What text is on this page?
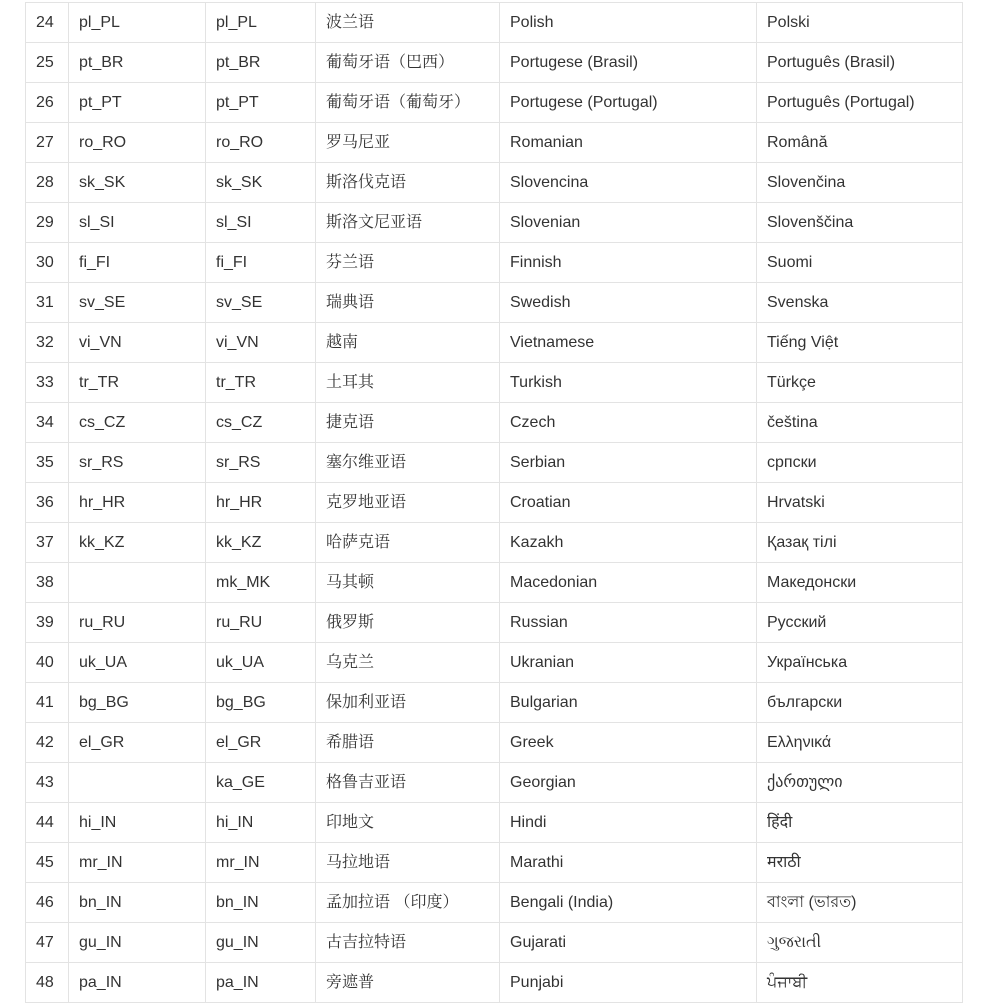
24	pl_PL	pl_PL	波兰语	Polish	Polski
25	pt_BR	pt_BR	葡萄牙语（巴西）	Portugese (Brasil)	Português (Brasil)
26	pt_PT	pt_PT	葡萄牙语（葡萄牙）	Portugese (Portugal)	Português (Portugal)
27	ro_RO	ro_RO	罗马尼亚	Romanian	Română
28	sk_SK	sk_SK	斯洛伐克语	Slovencina	Slovenčina
29	sl_SI	sl_SI	斯洛文尼亚语	Slovenian	Slovenščina
30	fi_FI	fi_FI	芬兰语	Finnish	Suomi
31	sv_SE	sv_SE	瑞典语	Swedish	Svenska
32	vi_VN	vi_VN	越南	Vietnamese	Tiếng Việt
33	tr_TR	tr_TR	土耳其	Turkish	Türkçe
34	cs_CZ	cs_CZ	捷克语	Czech	čeština
35	sr_RS	sr_RS	塞尔维亚语	Serbian	српски
36	hr_HR	hr_HR	克罗地亚语	Croatian	Hrvatski
37	kk_KZ	kk_KZ	哈萨克语	Kazakh	Қазақ тілі
38		mk_MK	马其顿	Macedonian	Македонски
39	ru_RU	ru_RU	俄罗斯	Russian	Русский
40	uk_UA	uk_UA	乌克兰	Ukranian	Українська
41	bg_BG	bg_BG	保加利亚语	Bulgarian	български
42	el_GR	el_GR	希腊语	Greek	Ελληνικά
43		ka_GE	格鲁吉亚语	Georgian	ქართული
44	hi_IN	hi_IN	印地文	Hindi	हिंदी
45	mr_IN	mr_IN	马拉地语	Marathi	मराठी
46	bn_IN	bn_IN	孟加拉语 （印度）	Bengali (India)	বাংলা (ভারত)
47	gu_IN	gu_IN	古吉拉特语	Gujarati	ગુજરાતી
48	pa_IN	pa_IN	旁遮普	Punjabi	ਪੰਜਾਬੀ
